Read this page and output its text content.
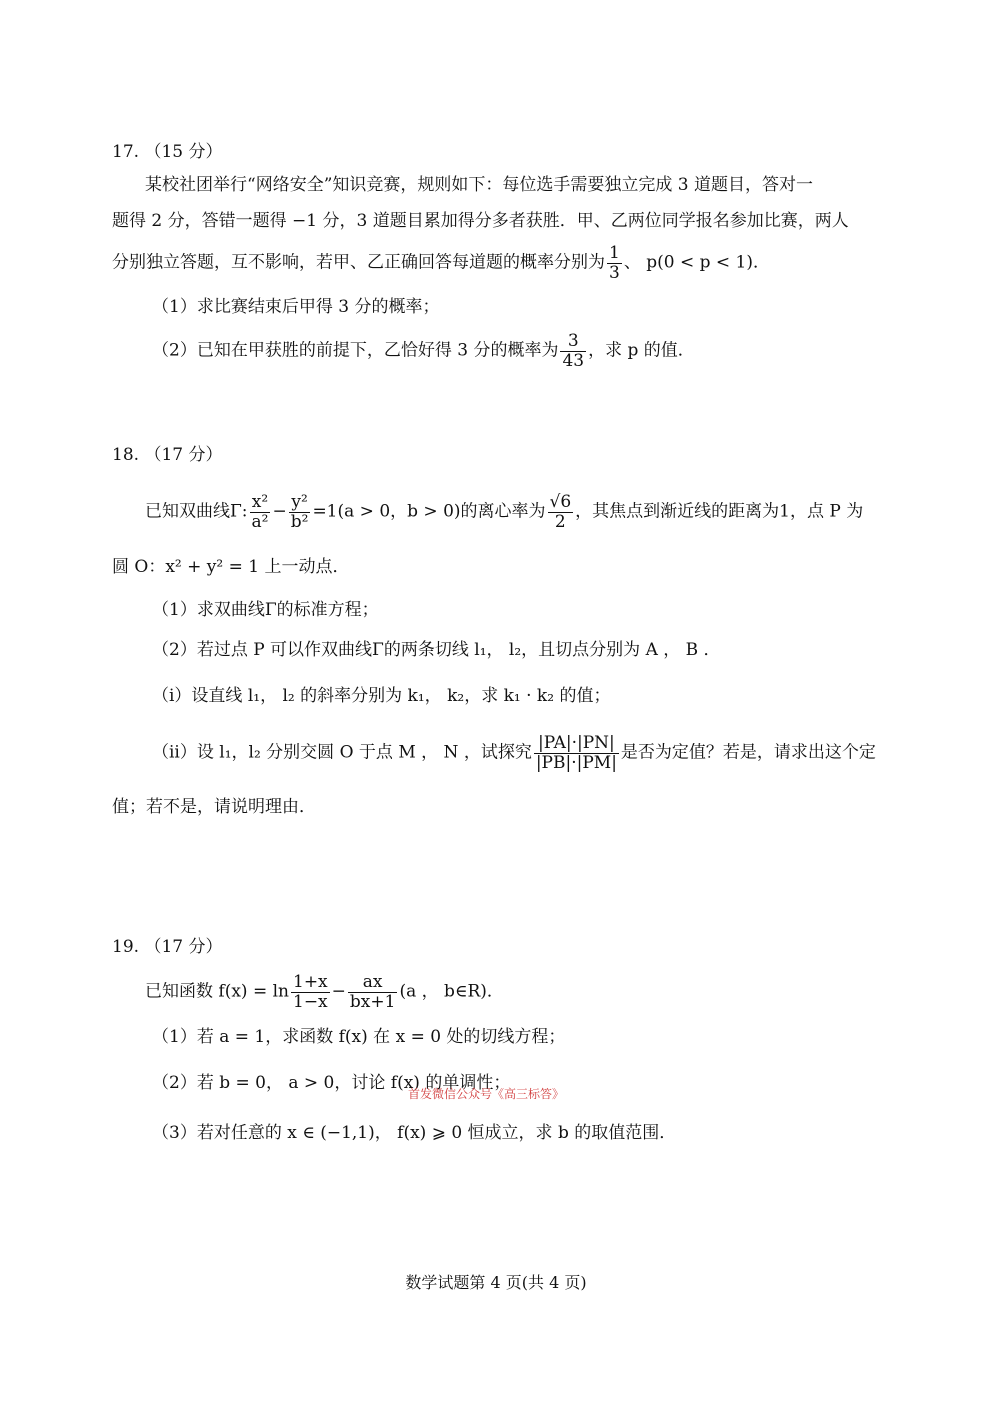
17. （15 分）
某校社团举行“网络安全”知识竞赛，规则如下：每位选手需要独立完成 3 道题目，答对一
题得 2 分，答错一题得 −1 分，3 道题目累加得分多者获胜．甲、乙两位同学报名参加比赛，两人
分别独立答题，互不影响，若甲、乙正确回答每道题的概率分别为 $\frac{1}{3}$ 、 p(0 < p < 1)．
（1）求比赛结束后甲得 3 分的概率；
（2）已知在甲获胜的前提下，乙恰好得 3 分的概率为 $\frac{3}{43}$ ，求 p 的值．
18. （17 分）
已知双曲线Γ: $\frac{\text{x²}}{\text{a²}} - \frac{\text{y²}}{\text{b²}} =1(a > 0$，b > 0)的离心率为 $\frac{√6}{2}$ ，其焦点到渐近线的距离为1，点 P 为
圆 O：x² + y² = 1 上一动点．
（1）求双曲线Γ的标准方程；
（2）若过点 P 可以作双曲线Γ的两条切线 l₁， l₂，且切点分别为 A ， B ．
（i）设直线 l₁， l₂ 的斜率分别为 k₁， k₂，求 k₁ · k₂ 的值；
（ii）设 l₁，l₂ 分别交圆 O 于点 M ， N ，试探究 $\frac{|PA|\cdot|PN|}{|PB|\cdot|PM|}$ 是否为定值？若是，请求出这个定
值；若不是，请说明理由．
19. （17 分）
已知函数 $f(x) = \ln \frac{1+x}{1-x} - \frac{ax}{bx+1} (a$ ， b∈R)．
（1）若 a = 1，求函数 f(x) 在 x = 0 处的切线方程；
（2）若 b = 0， a > 0，讨论 f(x) 的单调性；
（3）若对任意的 x ∈ (−1,1)， f(x) ⩾ 0 恒成立，求 b 的取值范围．
首发微信公众号《高三标答》
数学试题第 4 页(共 4 页)
